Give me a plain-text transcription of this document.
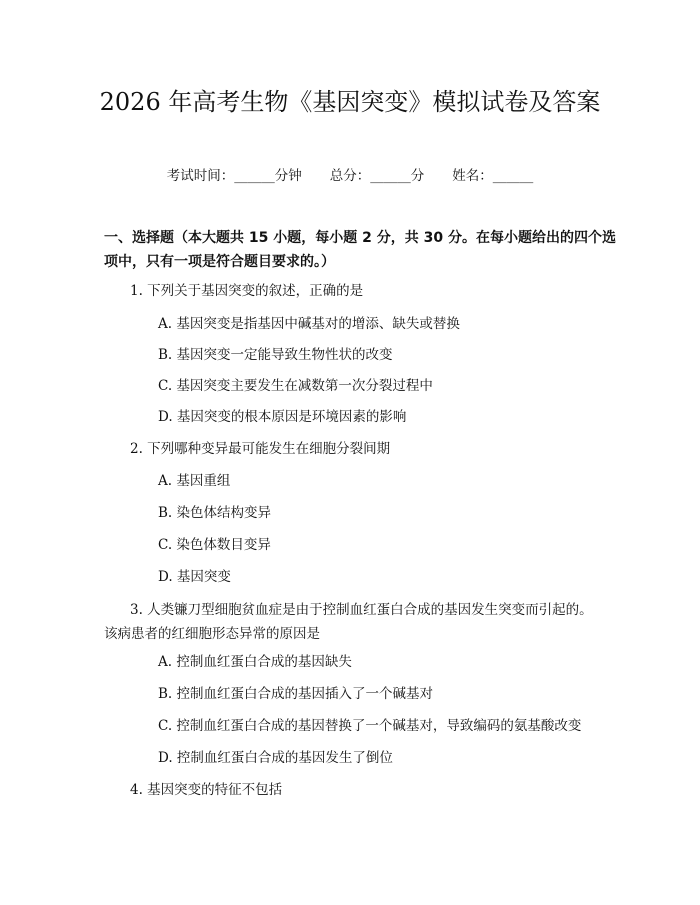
2026 年高考生物《基因突变》模拟试卷及答案
考试时间：______分钟 总分：______分 姓名：______
一、选择题（本大题共 15 小题，每小题 2 分，共 30 分。在每小题给出的四个选项中，只有一项是符合题目要求的。）
1. 下列关于基因突变的叙述，正确的是
A. 基因突变是指基因中碱基对的增添、缺失或替换
B. 基因突变一定能导致生物性状的改变
C. 基因突变主要发生在减数第一次分裂过程中
D. 基因突变的根本原因是环境因素的影响
2. 下列哪种变异最可能发生在细胞分裂间期
A. 基因重组
B. 染色体结构变异
C. 染色体数目变异
D. 基因突变
3. 人类镰刀型细胞贫血症是由于控制血红蛋白合成的基因发生突变而引起的。该病患者的红细胞形态异常的原因是
A. 控制血红蛋白合成的基因缺失
B. 控制血红蛋白合成的基因插入了一个碱基对
C. 控制血红蛋白合成的基因替换了一个碱基对，导致编码的氨基酸改变
D. 控制血红蛋白合成的基因发生了倒位
4. 基因突变的特征不包括
